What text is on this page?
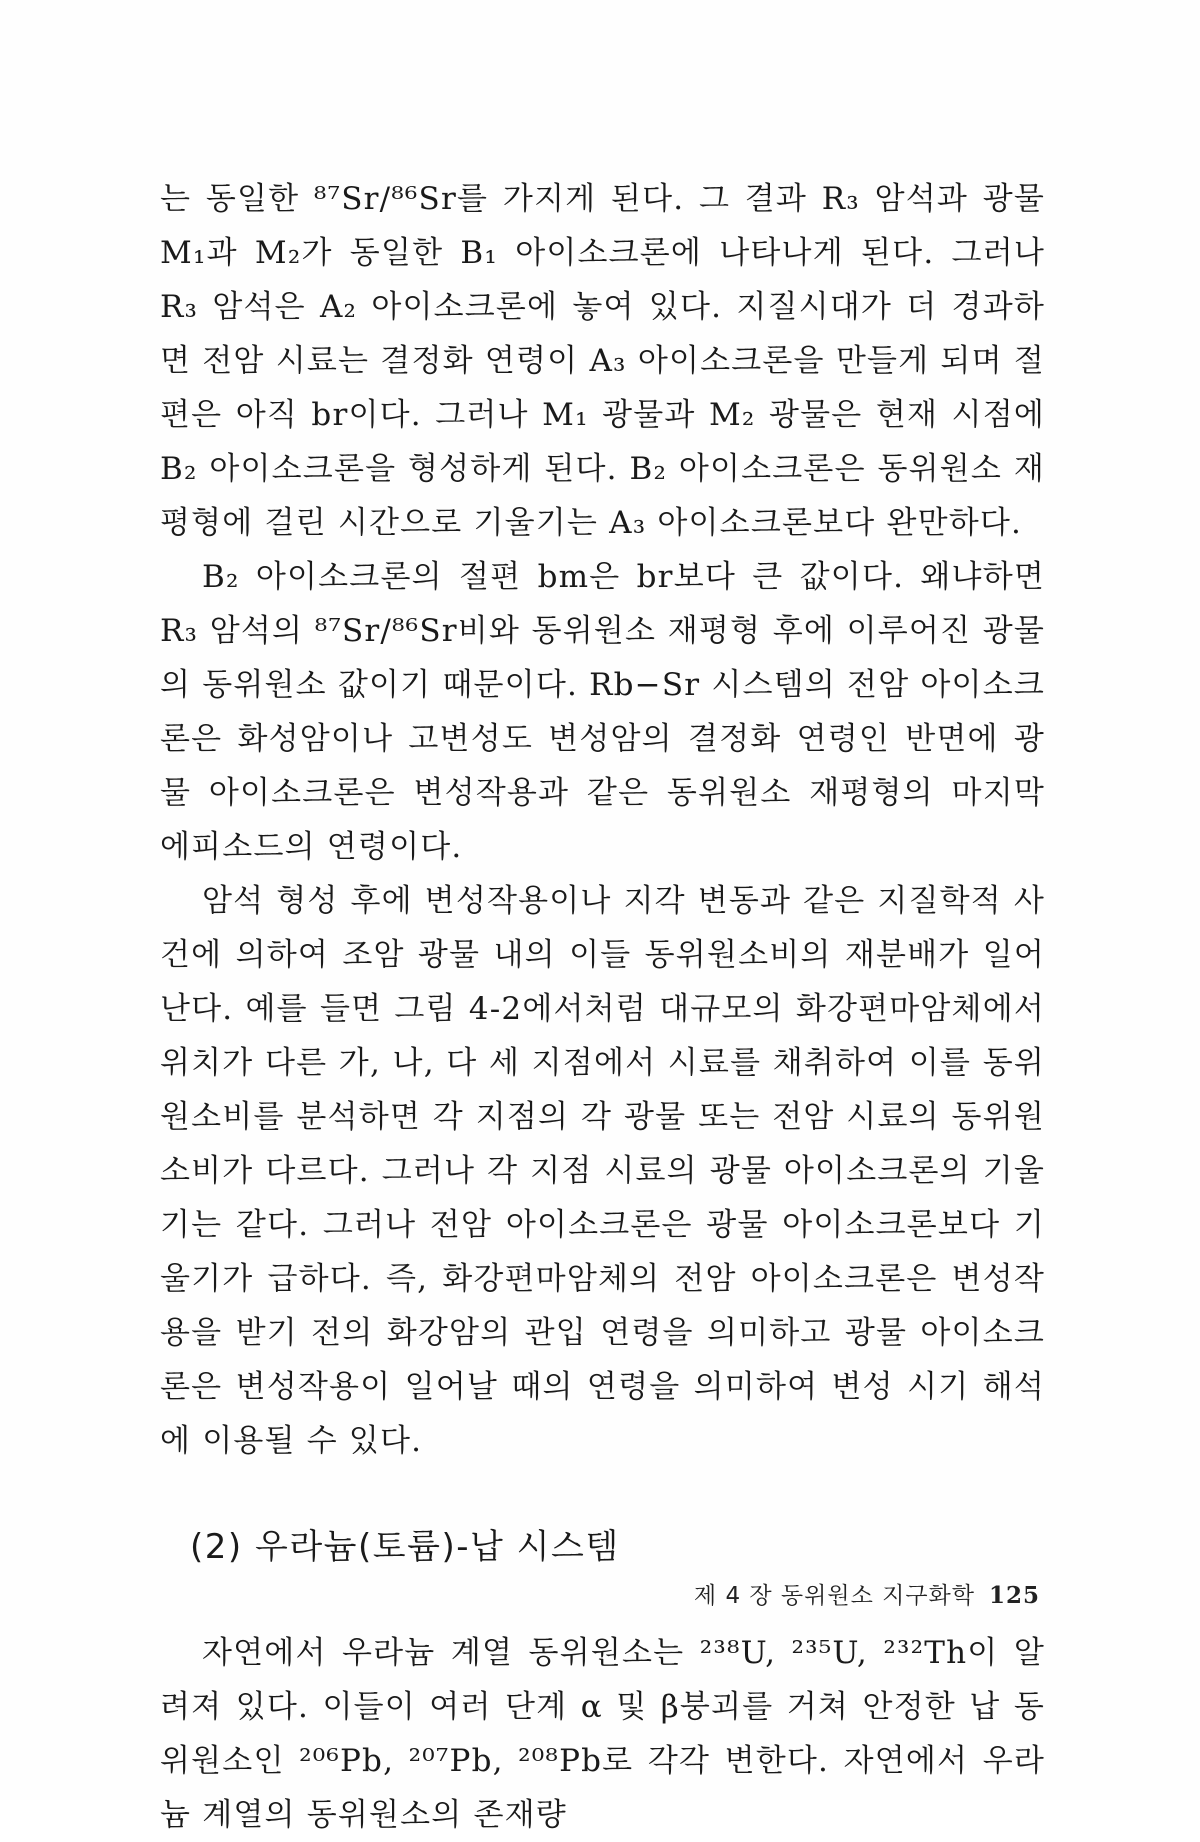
는 동일한 ⁸⁷Sr/⁸⁶Sr를 가지게 된다. 그 결과 R₃ 암석과 광물 M₁과 M₂가 동일한 B₁ 아이소크론에 나타나게 된다. 그러나 R₃ 암석은 A₂ 아이소크론에 놓여 있다. 지질시대가 더 경과하면 전암 시료는 결정화 연령이 A₃ 아이소크론을 만들게 되며 절편은 아직 br이다. 그러나 M₁ 광물과 M₂ 광물은 현재 시점에 B₂ 아이소크론을 형성하게 된다. B₂ 아이소크론은 동위원소 재평형에 걸린 시간으로 기울기는 A₃ 아이소크론보다 완만하다.

B₂ 아이소크론의 절편 bm은 br보다 큰 값이다. 왜냐하면 R₃ 암석의 ⁸⁷Sr/⁸⁶Sr비와 동위원소 재평형 후에 이루어진 광물의 동위원소 값이기 때문이다. Rb−Sr 시스템의 전암 아이소크론은 화성암이나 고변성도 변성암의 결정화 연령인 반면에 광물 아이소크론은 변성작용과 같은 동위원소 재평형의 마지막 에피소드의 연령이다.

암석 형성 후에 변성작용이나 지각 변동과 같은 지질학적 사건에 의하여 조암 광물 내의 이들 동위원소비의 재분배가 일어난다. 예를 들면 그림 4-2에서처럼 대규모의 화강편마암체에서 위치가 다른 가, 나, 다 세 지점에서 시료를 채취하여 이를 동위원소비를 분석하면 각 지점의 각 광물 또는 전암 시료의 동위원소비가 다르다. 그러나 각 지점 시료의 광물 아이소크론의 기울기는 같다. 그러나 전암 아이소크론은 광물 아이소크론보다 기울기가 급하다. 즉, 화강편마암체의 전암 아이소크론은 변성작용을 받기 전의 화강암의 관입 연령을 의미하고 광물 아이소크론은 변성작용이 일어날 때의 연령을 의미하여 변성 시기 해석에 이용될 수 있다.

(2) 우라늄(토륨)-납 시스템

자연에서 우라늄 계열 동위원소는 ²³⁸U, ²³⁵U, ²³²Th이 알려져 있다. 이들이 여러 단계 α 및 β붕괴를 거쳐 안정한 납 동위원소인 ²⁰⁶Pb, ²⁰⁷Pb, ²⁰⁸Pb로 각각 변한다. 자연에서 우라늄 계열의 동위원소의 존재량

제 4 장 동위원소 지구화학 125
